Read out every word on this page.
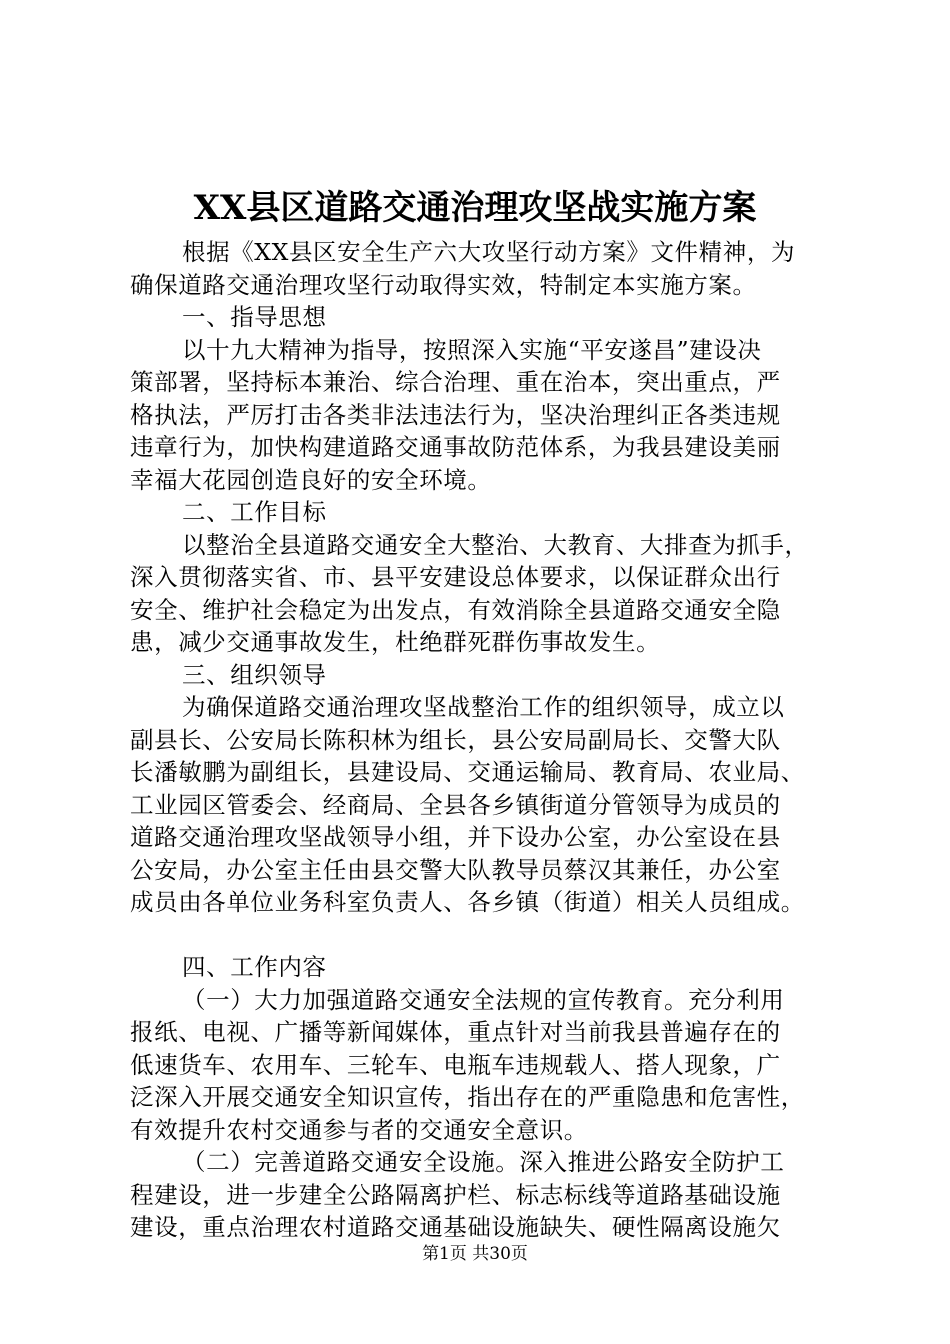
XX县区道路交通治理攻坚战实施方案
根据《XX县区安全生产六大攻坚行动方案》文件精神，为
确保道路交通治理攻坚行动取得实效，特制定本实施方案。
一、指导思想
以十九大精神为指导，按照深入实施“平安遂昌”建设决
策部署，坚持标本兼治、综合治理、重在治本，突出重点，严
格执法，严厉打击各类非法违法行为，坚决治理纠正各类违规
违章行为，加快构建道路交通事故防范体系，为我县建设美丽
幸福大花园创造良好的安全环境。
二、工作目标
以整治全县道路交通安全大整治、大教育、大排查为抓手，
深入贯彻落实省、市、县平安建设总体要求，以保证群众出行
安全、维护社会稳定为出发点，有效消除全县道路交通安全隐
患，减少交通事故发生，杜绝群死群伤事故发生。
三、组织领导
为确保道路交通治理攻坚战整治工作的组织领导，成立以
副县长、公安局长陈积林为组长，县公安局副局长、交警大队
长潘敏鹏为副组长，县建设局、交通运输局、教育局、农业局、
工业园区管委会、经商局、全县各乡镇街道分管领导为成员的
道路交通治理攻坚战领导小组，并下设办公室，办公室设在县
公安局，办公室主任由县交警大队教导员蔡汉其兼任，办公室
成员由各单位业务科室负责人、各乡镇（街道）相关人员组成。
四、工作内容
（一）大力加强道路交通安全法规的宣传教育。充分利用
报纸、电视、广播等新闻媒体，重点针对当前我县普遍存在的
低速货车、农用车、三轮车、电瓶车违规载人、搭人现象，广
泛深入开展交通安全知识宣传，指出存在的严重隐患和危害性，
有效提升农村交通参与者的交通安全意识。
（二）完善道路交通安全设施。深入推进公路安全防护工
程建设，进一步建全公路隔离护栏、标志标线等道路基础设施
建设，重点治理农村道路交通基础设施缺失、硬性隔离设施欠
第1页 共30页
